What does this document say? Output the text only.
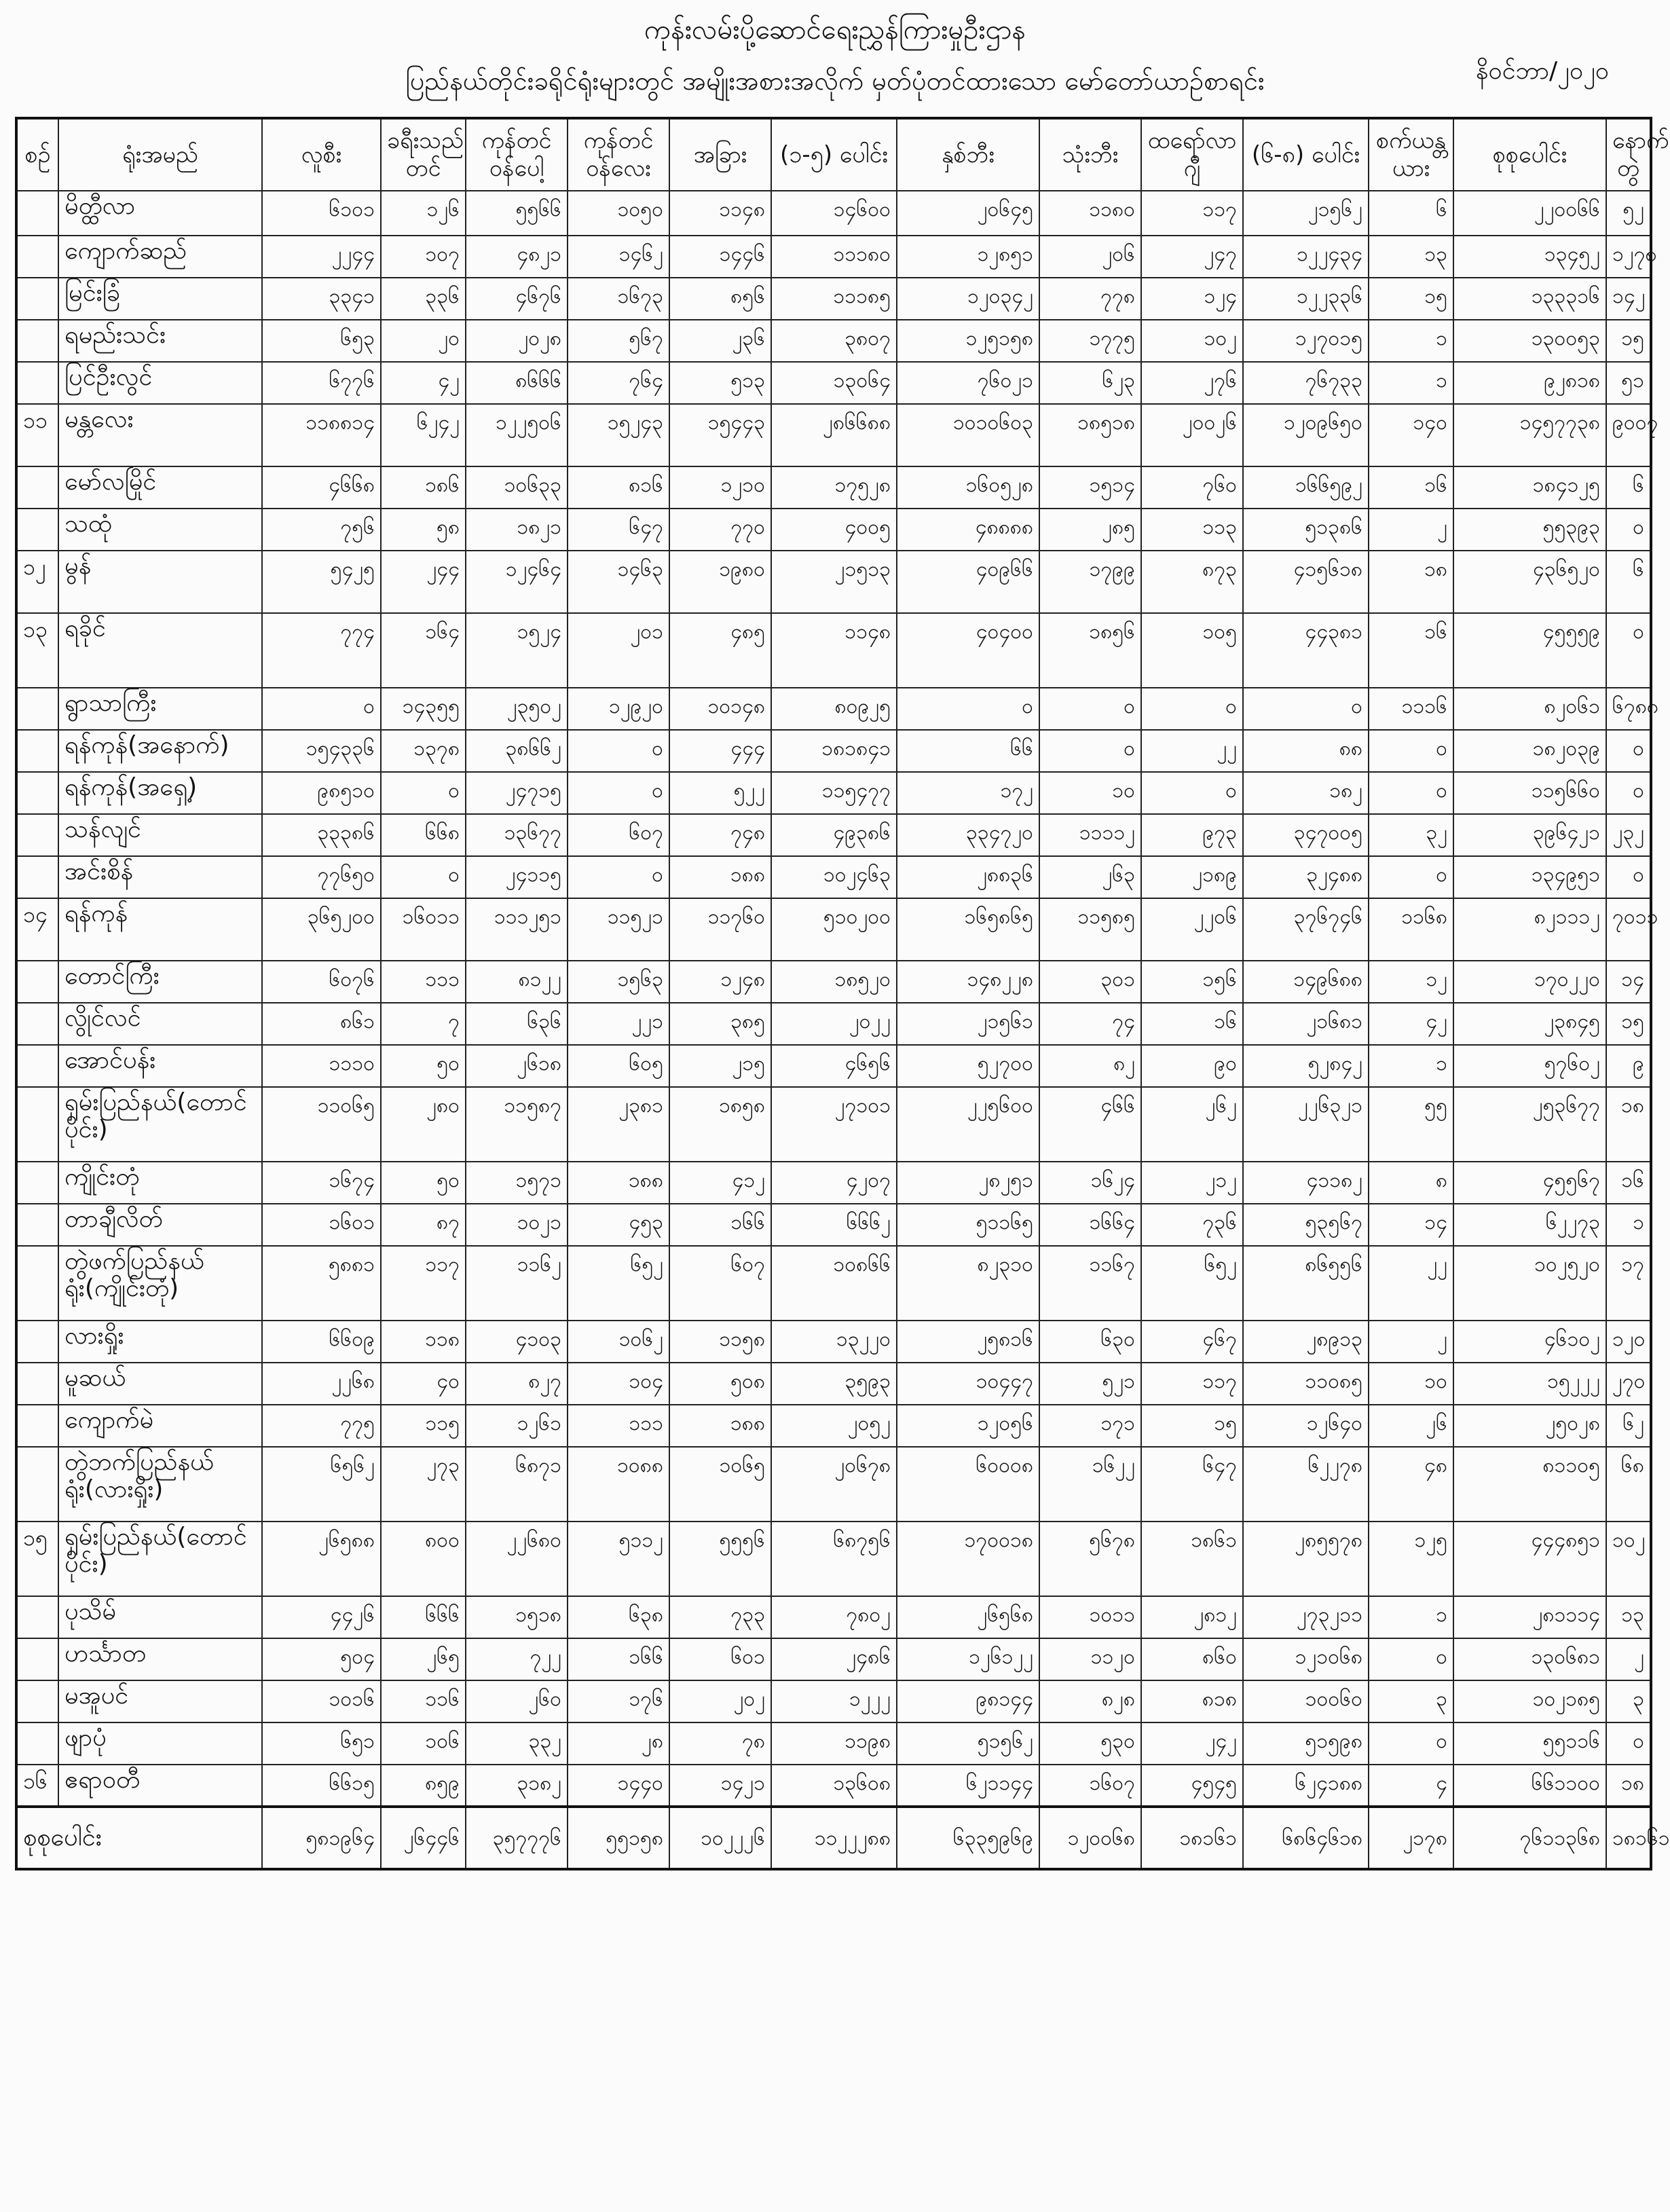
ကုန်းလမ်းပို့ဆောင်ရေးညွှန်ကြားမှုဦးဌာန
ပြည်နယ်တိုင်းခရိုင်ရုံးများတွင် အမျိုးအစားအလိုက် မှတ်ပုံတင်ထားသော မော်တော်ယာဉ်စာရင်း	နိဝင်ဘာ/၂၀၂၀
စဉ်	ရုံးအမည်	လူစီး	ခရီးသည်တင်	ကုန်တင်ဝန်ပေါ့	ကုန်တင်ဝန်လေး	အခြား	(၁-၅) ပေါင်း	နှစ်ဘီး	သုံးဘီး	ထရော်လာဂျီ	(၆-၈) ပေါင်း	စက်ယန္တယား	စုစုပေါင်း	နောက်တွဲ
	မိတ္ထီလာ	၆၁၀၁	၁၂၆	၅၅၆၆	၁၀၅၀	၁၁၄၈	၁၄၆၀၀	၂၀၆၄၅	၁၁၈၀	၁၁၇	၂၁၅၆၂	၆	၂၂၀၀၆၆	၅၂
	ကျောက်ဆည်	၂၂၄၄	၁၀၇	၄၈၂၁	၁၄၆၂	၁၄၄၆	၁၁၁၈၀	၁၂၈၅၁	၂၀၆	၂၄၇	၁၂၂၄၃၄	၁၃	၁၃၄၅၂	၁၂၇၈
	မြင်းခြံ	၃၃၄၁	၃၃၆	၄၆၇၆	၁၆၇၃	၈၅၆	၁၁၁၈၅	၁၂၀၃၄၂	၇၇၈	၁၂၄	၁၂၂၃၃၆	၁၅	၁၃၃၃၁၆	၁၄၂
	ရမည်းသင်း	၆၅၃	၂၀	၂၀၂၈	၅၆၇	၂၃၆	၃၈၀၇	၁၂၅၁၅၈	၁၇၇၅	၁၀၂	၁၂၇၀၁၅	၁	၁၃၀၀၅၃	၁၅
	ပြင်ဦးလွင်	၆၇၇၆	၄၂	၈၆၆၆	၇၆၄	၅၁၃	၁၃၀၆၄	၇၆၀၂၁	၆၂၃	၂၇၆	၇၆၇၃၃	၁	၉၂၈၁၈	၅၁
၁၁	မန္တလေး	၁၁၈၈၁၄	၆၂၄၂	၁၂၂၅၀၆	၁၅၂၄၃	၁၅၄၄၃	၂၈၆၆၈၈	၁၀၁၀၆၀၃	၁၈၅၁၈	၂၀၀၂၆	၁၂၀၉၆၅၀	၁၄၀	၁၄၅၇၇၃၈	၉၀၀၇
	မော်လမြိုင်	၄၆၆၈	၁၈၆	၁၀၆၃၃	၈၁၆	၁၂၁၀	၁၇၅၂၈	၁၆၀၅၂၈	၁၅၁၄	၇၆၀	၁၆၆၅၉၂	၁၆	၁၈၄၁၂၅	၆
	သထုံ	၇၅၆	၅၈	၁၈၂၁	၆၄၇	၇၇၀	၄၀၀၅	၄၈၈၈၈	၂၈၅	၁၁၃	၅၁၃၈၆	၂	၅၅၃၉၃	၀
၁၂	မွန်	၅၄၂၅	၂၄၄	၁၂၄၆၄	၁၄၆၃	၁၉၈၀	၂၁၅၁၃	၄၀၉၆၆	၁၇၉၉	၈၇၃	၄၁၅၆၁၈	၁၈	၄၃၆၅၂၀	၆
၁၃	ရခိုင်	၇၇၄	၁၆၄	၁၅၂၄	၂၀၁	၄၈၅	၁၁၄၈	၄၀၄၀၀	၁၈၅၆	၁၀၅	၄၄၃၈၁	၁၆	၄၅၅၅၉	၀
	ရွာသာကြီး	၀	၁၄၃၅၅	၂၃၅၀၂	၁၂၉၂၀	၁၀၁၄၈	၈၀၉၂၅	၀	၀	၀	၀	၁၁၁၆	၈၂၀၆၁	၆၇၈၈
	ရန်ကုန်(အနောက်)	၁၅၄၃၃၆	၁၃၇၈	၃၈၆၆၂	၀	၄၄၄	၁၈၁၈၄၁	၆၆	၀	၂၂	၈၈	၀	၁၈၂၀၃၉	၀
	ရန်ကုန်(အရှေ့)	၉၈၅၁၀	၀	၂၄၇၁၅	၀	၅၂၂	၁၁၅၄၇၇	၁၇၂	၁၀	၀	၁၈၂	၀	၁၁၅၆၆၀	၀
	သန်လျင်	၃၃၃၈၆	၆၆၈	၁၃၆၇၇	၆၀၇	၇၄၈	၄၉၃၈၆	၃၃၄၇၂၀	၁၁၁၁၂	၉၇၃	၃၄၇၀၀၅	၃၂	၃၉၆၄၂၁	၂၃၂
	အင်းစိန်	၇၇၆၅၀	၀	၂၄၁၁၅	၀	၁၈၈	၁၀၂၄၆၃	၂၈၈၃၆	၂၆၃	၂၁၈၉	၃၂၄၈၈	၀	၁၃၄၉၅၁	၀
၁၄	ရန်ကုန်	၃၆၅၂၀၀	၁၆၀၁၁	၁၁၁၂၅၁	၁၁၅၂၁	၁၁၇၆၀	၅၁၀၂၀၀	၁၆၅၈၆၅	၁၁၅၈၅	၂၂၀၆	၃၇၆၇၄၆	၁၁၆၈	၈၂၁၁၁၂	၇၀၁၁
	တောင်ကြီး	၆၀၇၆	၁၁၁	၈၁၂၂	၁၅၆၃	၁၂၄၈	၁၈၅၂၀	၁၄၈၂၂၈	၃၀၁	၁၅၆	၁၄၉၆၈၈	၁၂	၁၇၀၂၂၀	၁၄
	လွိုင်လင်	၈၆၁	၇	၆၃၆	၂၂၁	၃၈၅	၂၀၂၂	၂၁၅၆၁	၇၄	၁၆	၂၁၆၈၁	၄၂	၂၃၈၄၅	၁၅
	အောင်ပန်း	၁၁၁၀	၅၀	၂၆၁၈	၆၀၅	၂၁၅	၄၆၅၆	၅၂၇၀၀	၈၂	၉၀	၅၂၈၄၂	၁	၅၇၆၀၂	၉
	ရှမ်းပြည်နယ်(တောင်ပိုင်း)	၁၁၀၆၅	၂၈၀	၁၁၅၈၇	၂၃၈၁	၁၈၅၈	၂၇၁၀၁	၂၂၅၆၀၀	၄၆၆	၂၆၂	၂၂၆၃၂၁	၅၅	၂၅၃၆၇၇	၁၈
	ကျိုင်းတုံ	၁၆၇၄	၅၀	၁၅၇၁	၁၈၈	၄၁၂	၄၂၀၇	၂၈၂၅၁	၁၆၂၄	၂၁၂	၄၁၁၈၂	၈	၄၅၅၆၇	၁၆
	တာချီလိတ်	၁၆၀၁	၈၇	၁၀၂၁	၄၅၃	၁၆၆	၆၆၆၂	၅၁၁၆၅	၁၆၆၄	၇၃၆	၅၃၅၆၇	၁၄	၆၂၂၇၃	၁
	တွဲဖက်ပြည်နယ်ရုံး(ကျိုင်းတုံ)	၅၈၈၁	၁၁၇	၁၁၆၂	၆၅၂	၆၀၇	၁၀၈၆၆	၈၂၃၁၀	၁၁၆၇	၆၅၂	၈၆၅၅၆	၂၂	၁၀၂၅၂၀	၁၇
	လားရှိုး	၆၆၀၉	၁၁၈	၄၁၀၃	၁၀၆၂	၁၁၅၈	၁၃၂၂၀	၂၅၈၁၆	၆၃၀	၄၆၇	၂၈၉၁၃	၂	၄၆၁၀၂	၁၂၀
	မူဆယ်	၂၂၆၈	၄၀	၈၂၇	၁၀၄	၅၀၈	၃၅၉၃	၁၀၄၄၇	၅၂၁	၁၁၇	၁၁၀၈၅	၁၀	၁၅၂၂၂	၂၇၀
	ကျောက်မဲ	၇၇၅	၁၁၅	၁၂၆၁	၁၁၁	၁၈၈	၂၀၅၂	၁၂၀၅၆	၁၇၁	၁၅	၁၂၆၄၀	၂၆	၂၅၀၂၈	၆၂
	တွဲဘက်ပြည်နယ်ရုံး(လားရှိုး)	၆၅၆၂	၂၇၃	၆၈၇၁	၁၀၈၈	၁၀၆၅	၂၀၆၇၈	၆၀၀၀၈	၁၆၂၂	၆၄၇	၆၂၂၇၈	၄၈	၈၁၁၀၅	၆၈
၁၅	ရှမ်းပြည်နယ်(တောင်ပိုင်း)	၂၆၅၈၈	၈၀၀	၂၂၆၈၀	၅၁၁၂	၅၅၅၆	၆၈၇၅၆	၁၇၀၀၁၈	၅၆၇၈	၁၈၆၁	၂၈၅၅၇၈	၁၂၅	၄၄၄၈၅၁	၁၀၂
	ပုသိမ်	၄၄၂၆	၆၆၆	၁၅၁၈	၆၃၈	၇၃၃	၇၈၀၂	၂၆၅၆၈	၁၀၁၁	၂၈၁၂	၂၇၃၂၁၁	၁	၂၈၁၁၁၄	၁၃
	ဟင်္သာတ	၅၀၄	၂၆၅	၇၂၂	၁၆၆	၆၀၁	၂၄၈၆	၁၂၆၁၂၂	၁၁၂၀	၈၆၀	၁၂၁၀၆၈	၀	၁၃၀၆၈၁	၂
	မအူပင်	၁၀၁၆	၁၁၆	၂၆၀	၁၇၆	၂၀၂	၁၂၂၂	၉၈၁၄၄	၈၂၈	၈၁၈	၁၀၀၆၀	၃	၁၀၂၁၈၅	၃
	ဖျာပုံ	၆၅၁	၁၀၆	၃၃၂	၂၈	၇၈	၁၁၉၈	၅၁၅၆၂	၅၃၀	၂၄၂	၅၁၅၉၈	၀	၅၅၁၁၆	၀
၁၆	ဧရာဝတီ	၆၆၁၅	၈၅၉	၃၁၈၂	၁၄၄၀	၁၄၂၁	၁၃၆၀၈	၆၂၁၁၄၄	၁၆၀၇	၄၅၄၅	၆၂၄၁၈၈	၄	၆၆၁၁၀၀	၁၈
စုစုပေါင်း		၅၈၁၉၆၄	၂၆၄၄၆	၃၅၇၇၇၆	၅၅၁၅၈	၁၀၂၂၂၆	၁၁၂၂၂၈၈	၆၃၃၅၉၆၉	၁၂၀၀၆၈	၁၈၁၆၁	၆၈၆၄၆၁၈	၂၁၇၈	၇၆၁၁၃၆၈	၁၈၁၆၁
